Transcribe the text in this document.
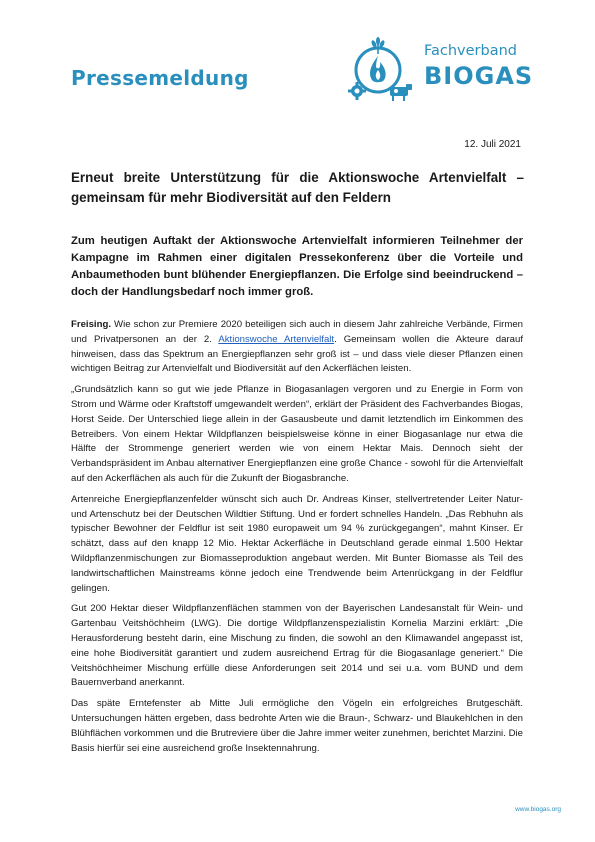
Pressemeldung
Fachverband
BIOGAS
12. Juli 2021
Erneut breite Unterstützung für die Aktionswoche Artenvielfalt – gemeinsam für mehr Biodiversität auf den Feldern
Zum heutigen Auftakt der Aktionswoche Artenvielfalt informieren Teilnehmer der Kampagne im Rahmen einer digitalen Pressekonferenz über die Vorteile und Anbaumethoden bunt blühender Energiepflanzen. Die Erfolge sind beeindruckend – doch der Handlungsbedarf noch immer groß.

Freising. Wie schon zur Premiere 2020 beteiligen sich auch in diesem Jahr zahlreiche Verbände, Firmen und Privatpersonen an der 2. Aktionswoche Artenvielfalt. Gemeinsam wollen die Akteure darauf hinweisen, dass das Spektrum an Energiepflanzen sehr groß ist – und dass viele dieser Pflanzen einen wichtigen Beitrag zur Artenvielfalt und Biodiversität auf den Ackerflächen leisten.

„Grundsätzlich kann so gut wie jede Pflanze in Biogasanlagen vergoren und zu Energie in Form von Strom und Wärme oder Kraftstoff umgewandelt werden“, erklärt der Präsident des Fachverbandes Biogas, Horst Seide. Der Unterschied liege allein in der Gasausbeute und damit letztendlich im Einkommen des Betreibers. Von einem Hektar Wildpflanzen beispielsweise könne in einer Biogasanlage nur etwa die Hälfte der Strommenge generiert werden wie von einem Hektar Mais. Dennoch sieht der Verbandspräsident im Anbau alternativer Energiepflanzen eine große Chance - sowohl für die Artenvielfalt auf den Ackerflächen als auch für die Zukunft der Biogasbranche.

Artenreiche Energiepflanzenfelder wünscht sich auch Dr. Andreas Kinser, stellvertretender Leiter Natur- und Artenschutz bei der Deutschen Wildtier Stiftung. Und er fordert schnelles Handeln. „Das Rebhuhn als typischer Bewohner der Feldflur ist seit 1980 europaweit um 94 % zurückgegangen“, mahnt Kinser. Er schätzt, dass auf den knapp 12 Mio. Hektar Ackerfläche in Deutschland gerade einmal 1.500 Hektar Wildpflanzenmischungen zur Biomasseproduktion angebaut werden. Mit Bunter Biomasse als Teil des landwirtschaftlichen Mainstreams könne jedoch eine Trendwende beim Artenrückgang in der Feldflur gelingen.

Gut 200 Hektar dieser Wildpflanzenflächen stammen von der Bayerischen Landesanstalt für Wein- und Gartenbau Veitshöchheim (LWG). Die dortige Wildpflanzenspezialistin Kornelia Marzini erklärt: „Die Herausforderung besteht darin, eine Mischung zu finden, die sowohl an den Klimawandel angepasst ist, eine hohe Biodiversität garantiert und zudem ausreichend Ertrag für die Biogasanlage generiert.“ Die Veitshöchheimer Mischung erfülle diese Anforderungen seit 2014 und sei u.a. vom BUND und dem Bauernverband anerkannt.

Das späte Erntefenster ab Mitte Juli ermögliche den Vögeln ein erfolgreiches Brutgeschäft. Untersuchungen hätten ergeben, dass bedrohte Arten wie die Braun-, Schwarz- und Blaukehlchen in den Blühflächen vorkommen und die Brutreviere über die Jahre immer weiter zunehmen, berichtet Marzini. Die Basis hierfür sei eine ausreichend große Insektennahrung.

www.biogas.org
